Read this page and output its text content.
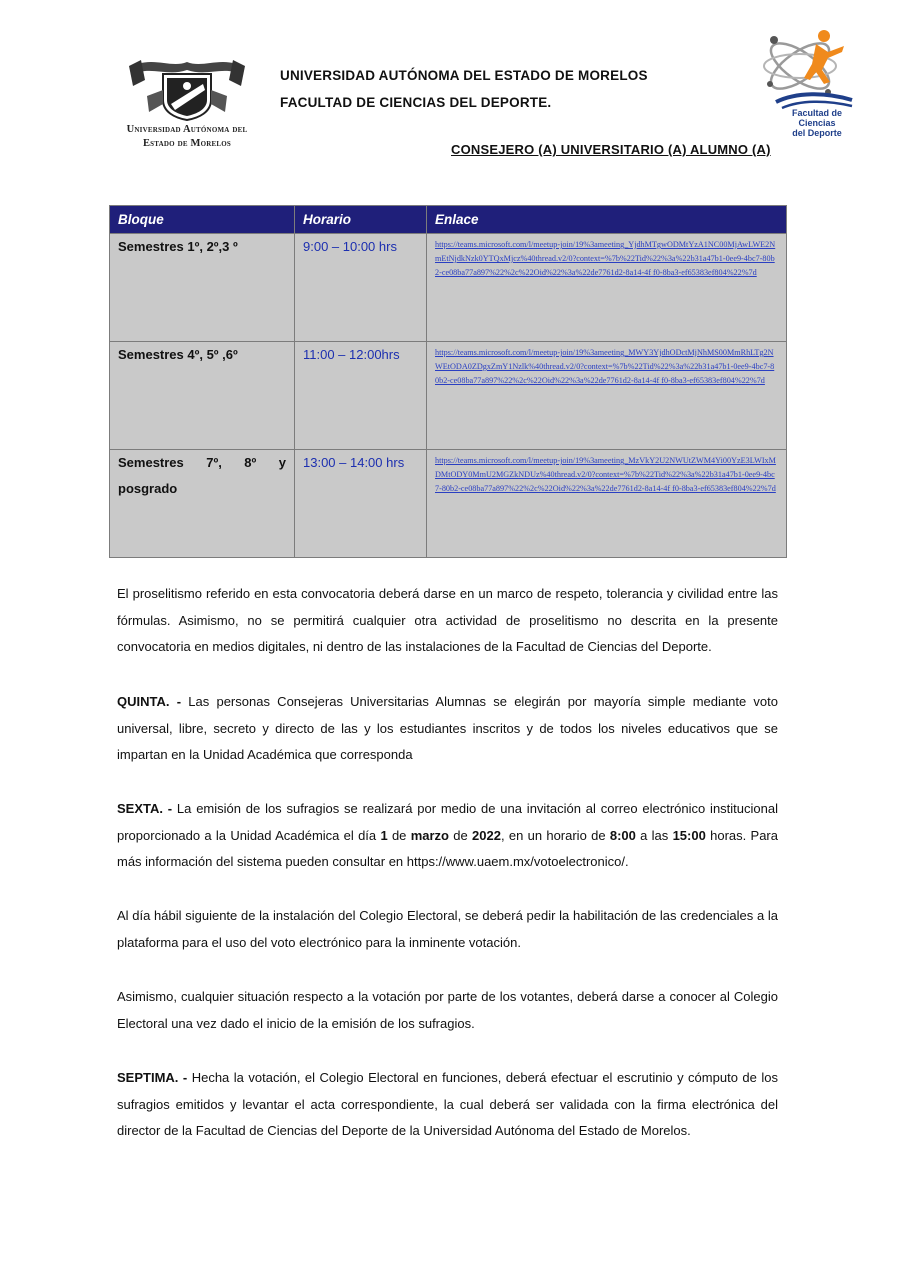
Universidad Autónoma del
Estado de Morelos
UNIVERSIDAD AUTÓNOMA DEL ESTADO DE MORELOS
FACULTAD DE CIENCIAS DEL DEPORTE.
Facultad de Ciencias
del Deporte
CONSEJERO (A) UNIVERSITARIO (A) ALUMNO (A)
Bloque	Horario	Enlace
Semestres 1º, 2º,3 º	9:00 – 10:00 hrs	https://teams.microsoft.com/l/meetup-join/19%3ameeting_YjdhMTgwODMtYzA1NC00MjAwLWE2NmEtNjdkNzk0YTQxMjcz%40thread.v2/0?context=%7b%22Tid%22%3a%22b31a47b1-0ee9-4bc7-80b2-ce08ba77a897%22%2c%22Oid%22%3a%22de7761d2-8a14-4f f0-8ba3-ef65383ef804%22%7d
Semestres 4º, 5º ,6º	11:00 – 12:00hrs	https://teams.microsoft.com/l/meetup-join/19%3ameeting_MWY3YjdhODctMjNhMS00MmRhLTg2NWEtODA0ZDgxZmY1Nzlk%40thread.v2/0?context=%7b%22Tid%22%3a%22b31a47b1-0ee9-4bc7-80b2-ce08ba77a897%22%2c%22Oid%22%3a%22de7761d2-8a14-4f f0-8ba3-ef65383ef804%22%7d

Semestres 7º, 8º y
posgrado	13:00 – 14:00 hrs	https://teams.microsoft.com/l/meetup-join/19%3ameeting_MzVkY2U2NWUtZWM4Yi00YzE3LWIxMDMtODY0MmU2MGZkNDUz%40thread.v2/0?context=%7b%22Tid%22%3a%22b31a47b1-0ee9-4bc7-80b2-ce08ba77a897%22%2c%22Oid%22%3a%22de7761d2-8a14-4f f0-8ba3-ef65383ef804%22%7d

El proselitismo referido en esta convocatoria deberá darse en un marco de respeto, tolerancia y civilidad entre las fórmulas. Asimismo, no se permitirá cualquier otra actividad de proselitismo no descrita en la presente convocatoria en medios digitales, ni dentro de las instalaciones de la Facultad de Ciencias del Deporte.

QUINTA. - Las personas Consejeras Universitarias Alumnas se elegirán por mayoría simple mediante voto universal, libre, secreto y directo de las y los estudiantes inscritos y de todos los niveles educativos que se impartan en la Unidad Académica que corresponda

SEXTA. - La emisión de los sufragios se realizará por medio de una invitación al correo electrónico institucional proporcionado a la Unidad Académica el día 1 de marzo de 2022, en un horario de 8:00 a las 15:00 horas. Para más información del sistema pueden consultar en https://www.uaem.mx/votoelectronico/.

Al día hábil siguiente de la instalación del Colegio Electoral, se deberá pedir la habilitación de las credenciales a la plataforma para el uso del voto electrónico para la inminente votación.

Asimismo, cualquier situación respecto a la votación por parte de los votantes, deberá darse a conocer al Colegio Electoral una vez dado el inicio de la emisión de los sufragios.

SEPTIMA. - Hecha la votación, el Colegio Electoral en funciones, deberá efectuar el escrutinio y cómputo de los sufragios emitidos y levantar el acta correspondiente, la cual deberá ser validada con la firma electrónica del director de la Facultad de Ciencias del Deporte de la Universidad Autónoma del Estado de Morelos.
